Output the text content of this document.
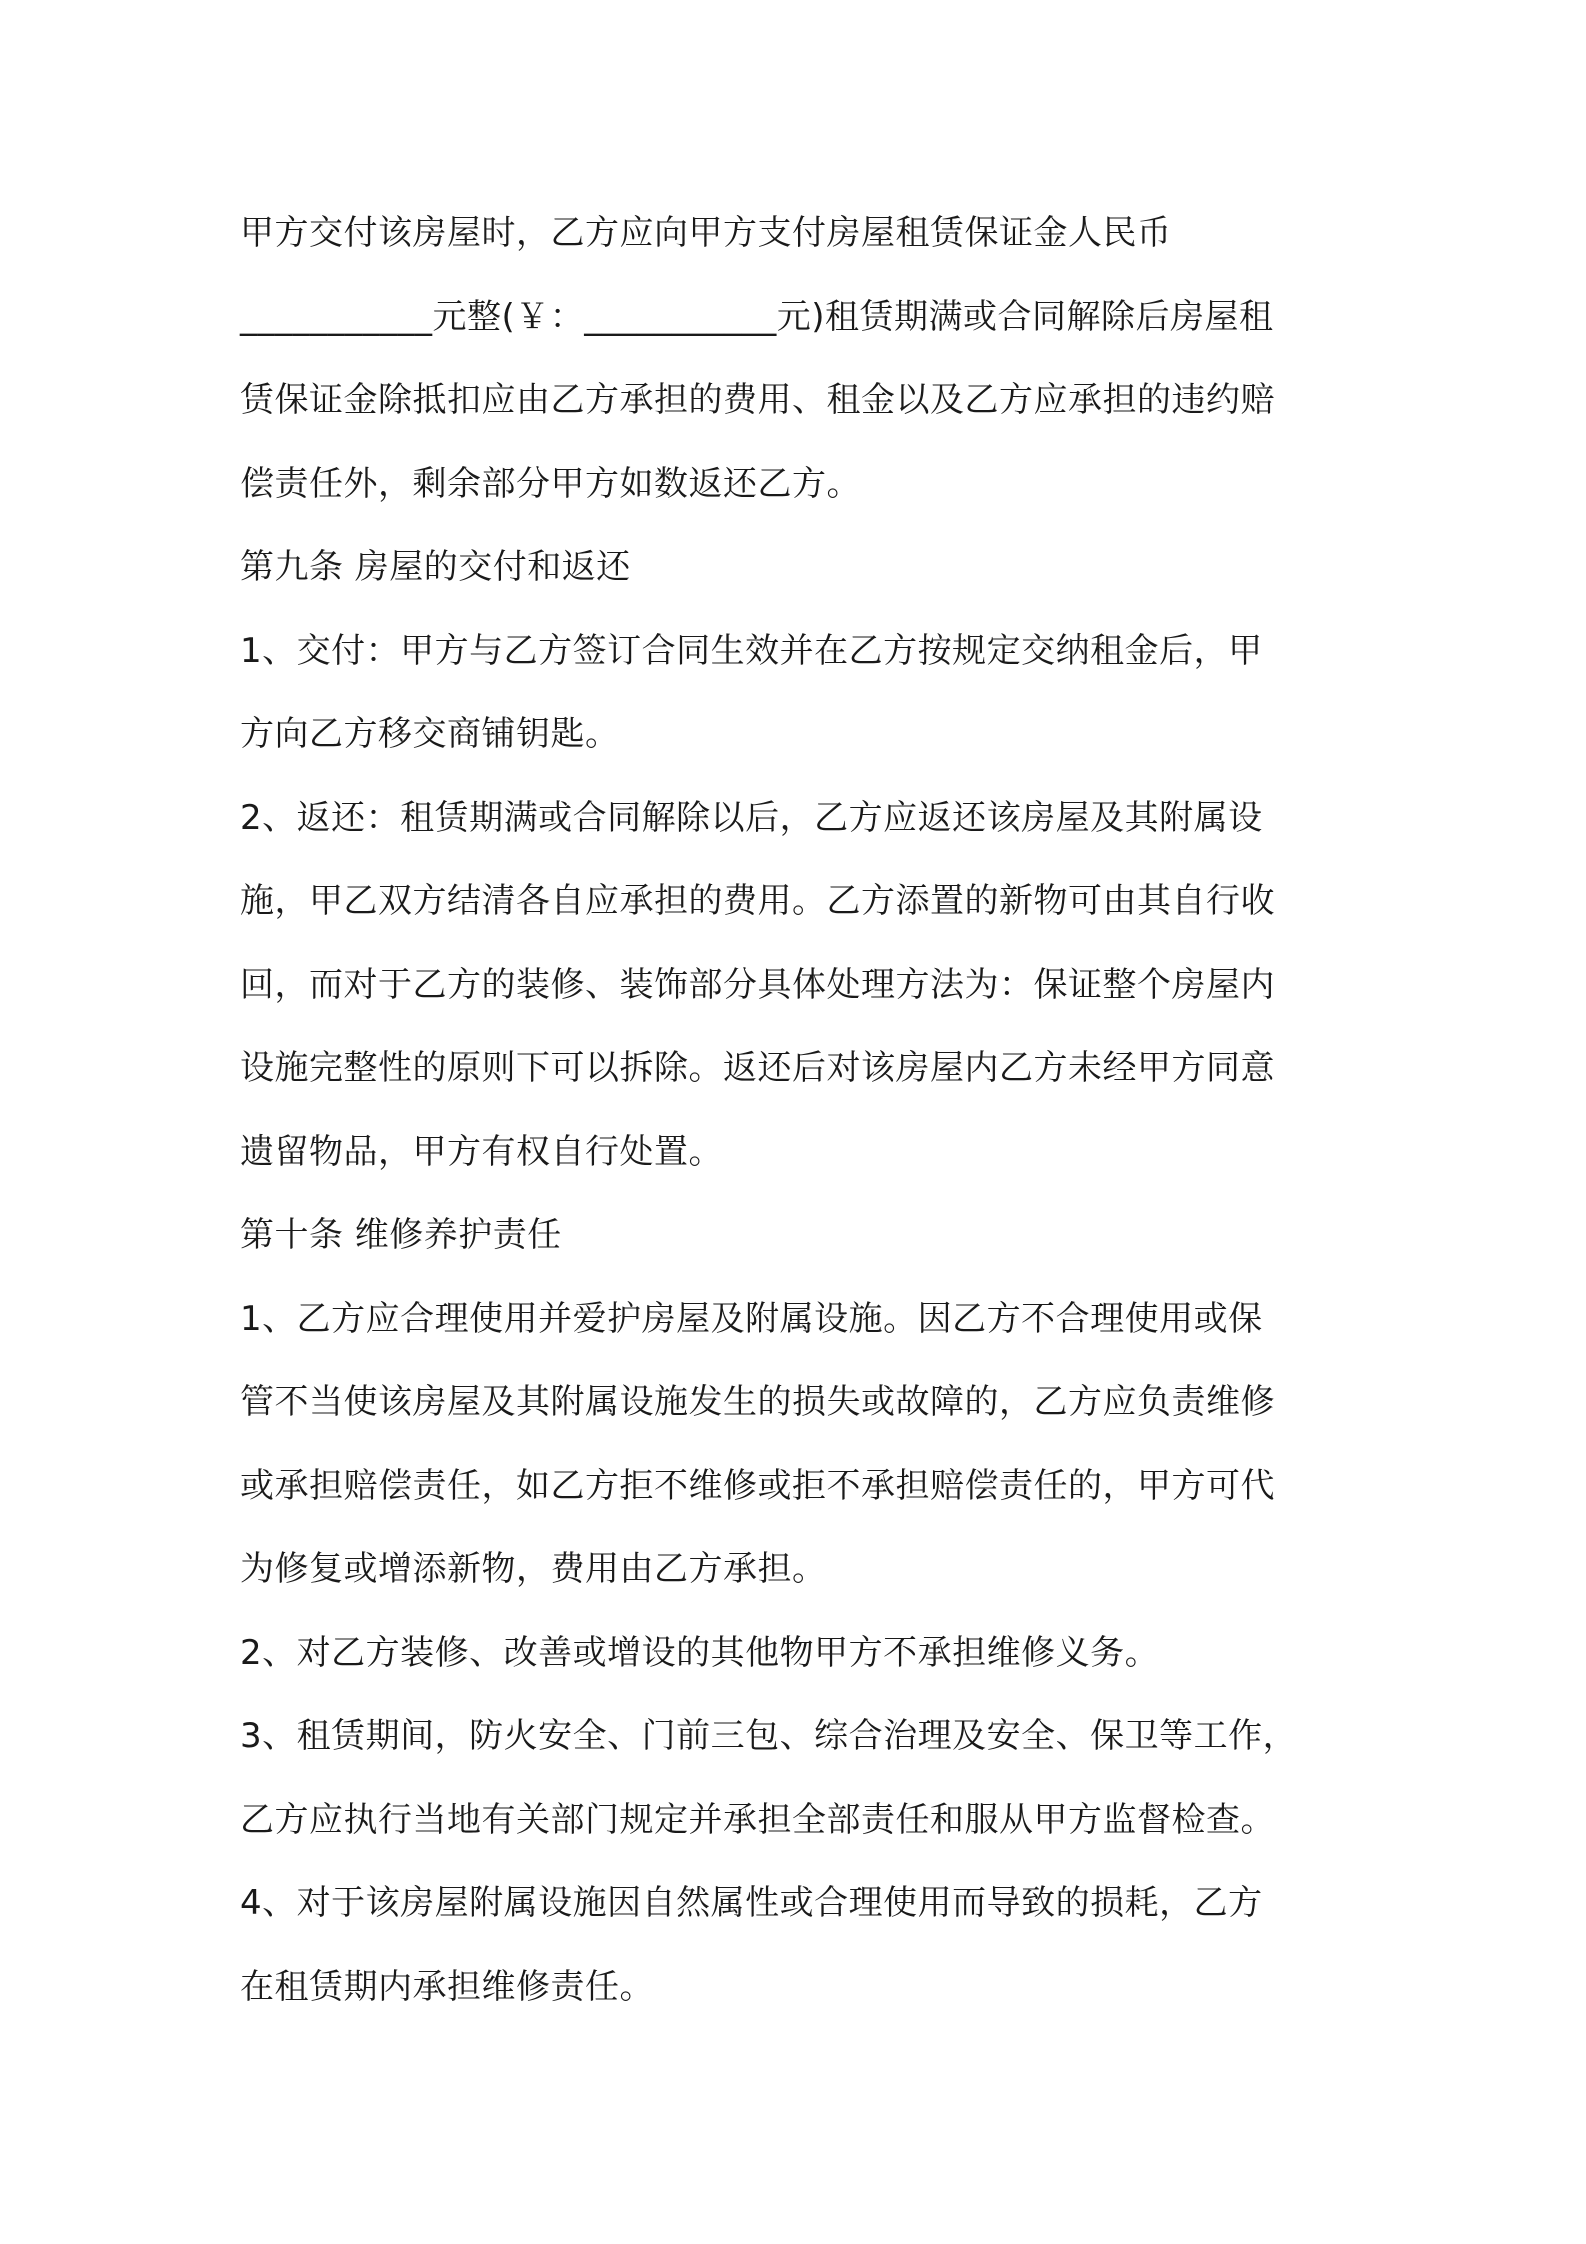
甲方交付该房屋时，乙方应向甲方支付房屋租赁保证金人民币
___________元整(￥：___________元)租赁期满或合同解除后房屋租
赁保证金除抵扣应由乙方承担的费用、租金以及乙方应承担的违约赔
偿责任外，剩余部分甲方如数返还乙方。
第九条 房屋的交付和返还
1、交付：甲方与乙方签订合同生效并在乙方按规定交纳租金后，甲
方向乙方移交商铺钥匙。
2、返还：租赁期满或合同解除以后，乙方应返还该房屋及其附属设
施，甲乙双方结清各自应承担的费用。乙方添置的新物可由其自行收
回，而对于乙方的装修、装饰部分具体处理方法为：保证整个房屋内
设施完整性的原则下可以拆除。返还后对该房屋内乙方未经甲方同意
遗留物品，甲方有权自行处置。
第十条 维修养护责任
1、乙方应合理使用并爱护房屋及附属设施。因乙方不合理使用或保
管不当使该房屋及其附属设施发生的损失或故障的，乙方应负责维修
或承担赔偿责任，如乙方拒不维修或拒不承担赔偿责任的，甲方可代
为修复或增添新物，费用由乙方承担。
2、对乙方装修、改善或增设的其他物甲方不承担维修义务。
3、租赁期间，防火安全、门前三包、综合治理及安全、保卫等工作，
乙方应执行当地有关部门规定并承担全部责任和服从甲方监督检查。
4、对于该房屋附属设施因自然属性或合理使用而导致的损耗，乙方
在租赁期内承担维修责任。
